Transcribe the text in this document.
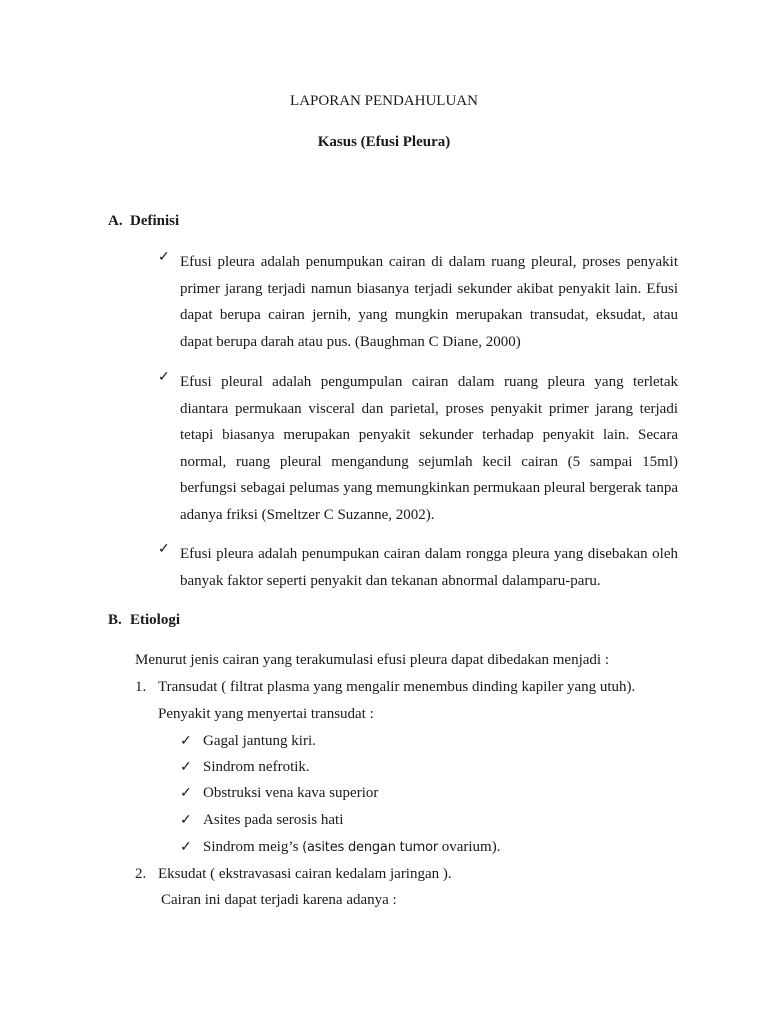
LAPORAN PENDAHULUAN
Kasus (Efusi Pleura)
A. Definisi
✓ Efusi pleura adalah penumpukan cairan di dalam ruang pleural, proses penyakit primer jarang terjadi namun biasanya terjadi sekunder akibat penyakit lain. Efusi dapat berupa cairan jernih, yang mungkin merupakan transudat, eksudat, atau dapat berupa darah atau pus. (Baughman C Diane, 2000)
✓ Efusi pleural adalah pengumpulan cairan dalam ruang pleura yang terletak diantara permukaan visceral dan parietal, proses penyakit primer jarang terjadi tetapi biasanya merupakan penyakit sekunder terhadap penyakit lain. Secara normal, ruang pleural mengandung sejumlah kecil cairan (5 sampai 15ml) berfungsi sebagai pelumas yang memungkinkan permukaan pleural bergerak tanpa adanya friksi (Smeltzer C Suzanne, 2002).
✓ Efusi pleura adalah penumpukan cairan dalam rongga pleura yang disebakan oleh banyak faktor seperti penyakit dan tekanan abnormal dalamparu-paru.
B. Etiologi
Menurut jenis cairan yang terakumulasi efusi pleura dapat dibedakan menjadi :
1. Transudat ( filtrat plasma yang mengalir menembus dinding kapiler yang utuh).
Penyakit yang menyertai transudat :
✓ Gagal jantung kiri.
✓ Sindrom nefrotik.
✓ Obstruksi vena kava superior
✓ Asites pada serosis hati
✓ Sindrom meig’s (asites dengan tumor ovarium).
2. Eksudat ( ekstravasasi cairan kedalam jaringan ).
Cairan ini dapat terjadi karena adanya :
